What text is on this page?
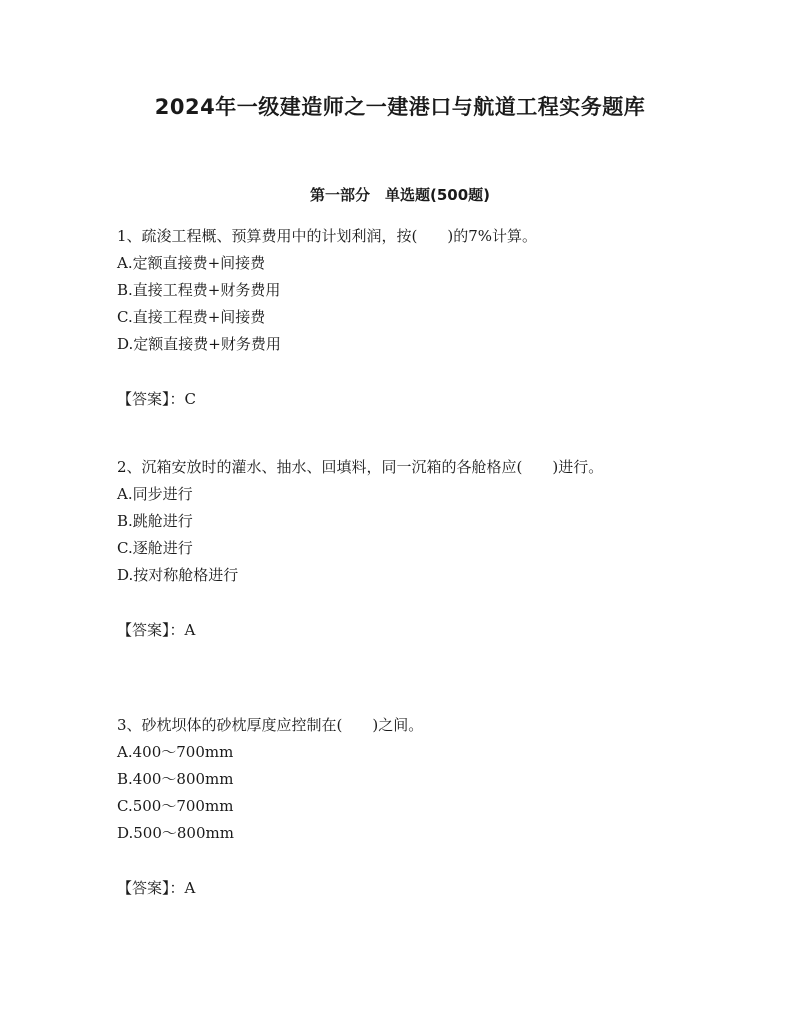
2024年一级建造师之一建港口与航道工程实务题库
第一部分　单选题(500题)

1、疏浚工程概、预算费用中的计划利润，按(　　)的7%计算。

A.定额直接费+间接费

B.直接工程费+财务费用

C.直接工程费+间接费

D.定额直接费+财务费用

【答案】：C

2、沉箱安放时的灌水、抽水、回填料，同一沉箱的各舱格应(　　)进行。

A.同步进行

B.跳舱进行

C.逐舱进行

D.按对称舱格进行

【答案】：A

3、砂枕坝体的砂枕厚度应控制在(　　)之间。

A.400～700mm

B.400～800mm

C.500～700mm

D.500～800mm

【答案】：A
